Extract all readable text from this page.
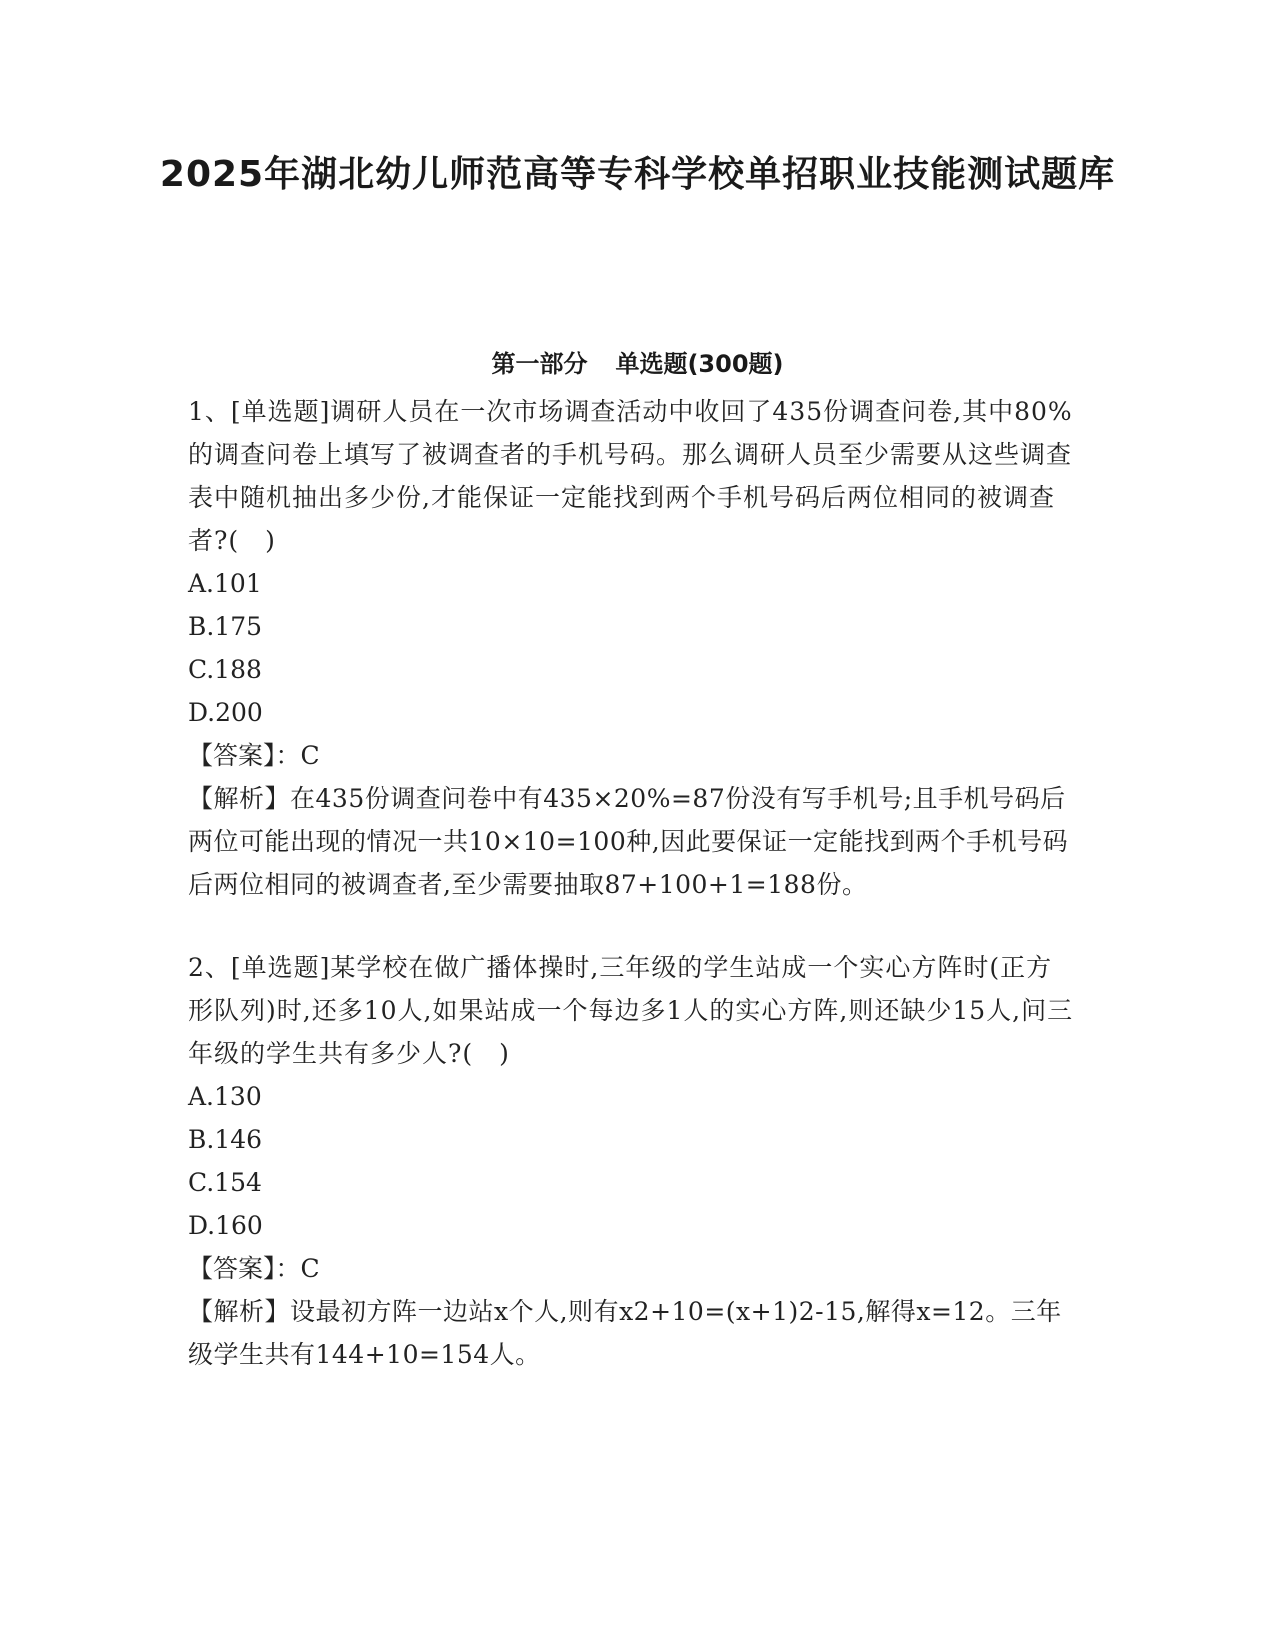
2025年湖北幼儿师范高等专科学校单招职业技能测试题库
第一部分 单选题(300题)

1、[单选题]调研人员在一次市场调查活动中收回了435份调查问卷,其中80%的调查问卷上填写了被调查者的手机号码。那么调研人员至少需要从这些调查表中随机抽出多少份,才能保证一定能找到两个手机号码后两位相同的被调查者?(　)

A.101

B.175

C.188

D.200

【答案】：C

【解析】在435份调查问卷中有435×20%=87份没有写手机号;且手机号码后两位可能出现的情况一共10×10=100种,因此要保证一定能找到两个手机号码后两位相同的被调查者,至少需要抽取87+100+1=188份。

2、[单选题]某学校在做广播体操时,三年级的学生站成一个实心方阵时(正方形队列)时,还多10人,如果站成一个每边多1人的实心方阵,则还缺少15人,问三年级的学生共有多少人?(　)

A.130

B.146

C.154

D.160

【答案】：C

【解析】设最初方阵一边站x个人,则有x2+10=(x+1)2-15,解得x=12。三年级学生共有144+10=154人。
